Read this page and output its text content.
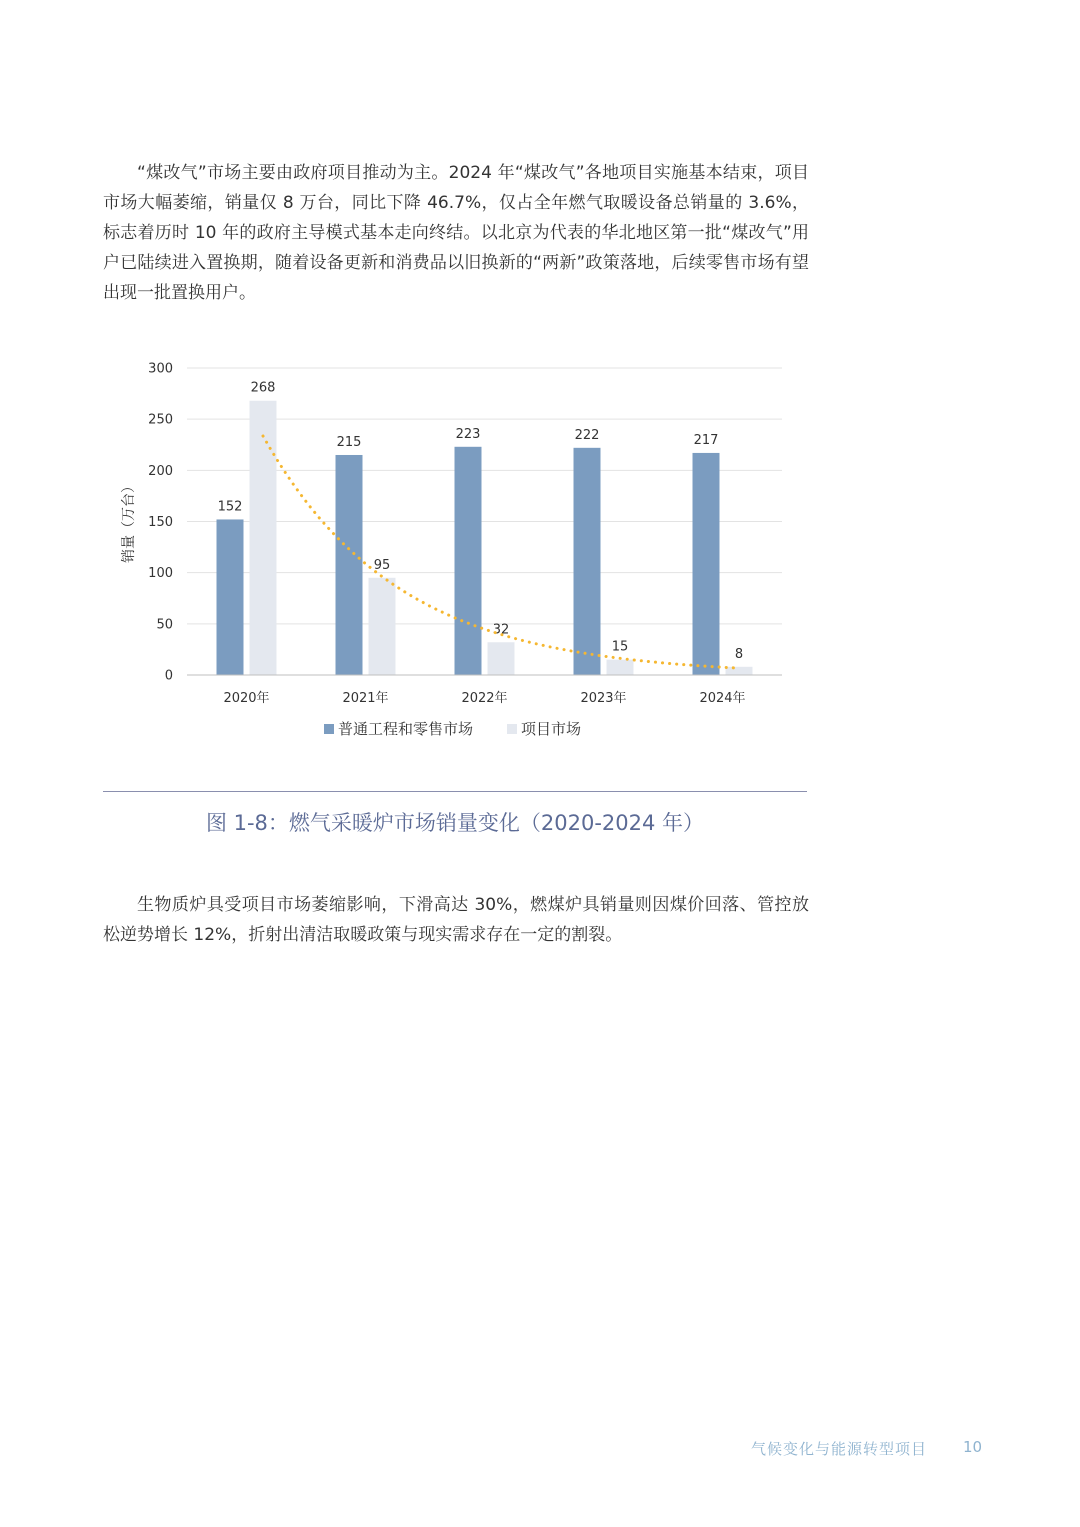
“煤改气”市场主要由政府项目推动为主。2024 年“煤改气”各地项目实施基本结束，项目市场大幅萎缩，销量仅 8 万台，同比下降 46.7%，仅占全年燃气取暖设备总销量的 3.6%，标志着历时 10 年的政府主导模式基本走向终结。以北京为代表的华北地区第一批“煤改气”用户已陆续进入置换期，随着设备更新和消费品以旧换新的“两新”政策落地，后续零售市场有望出现一批置换用户。

0
50
100
150
200
250
300
销量（万台）	152
268
215
95
223
32
222
15
217
8
2020年	2021年	2022年	2023年	2024年
普通工程和零售市场	项目市场
图 1-8：燃气采暖炉市场销量变化（2020-2024 年）

生物质炉具受项目市场萎缩影响，下滑高达 30%，燃煤炉具销量则因煤价回落、管控放松逆势增长 12%，折射出清洁取暖政策与现实需求存在一定的割裂。

气候变化与能源转型项目 10
